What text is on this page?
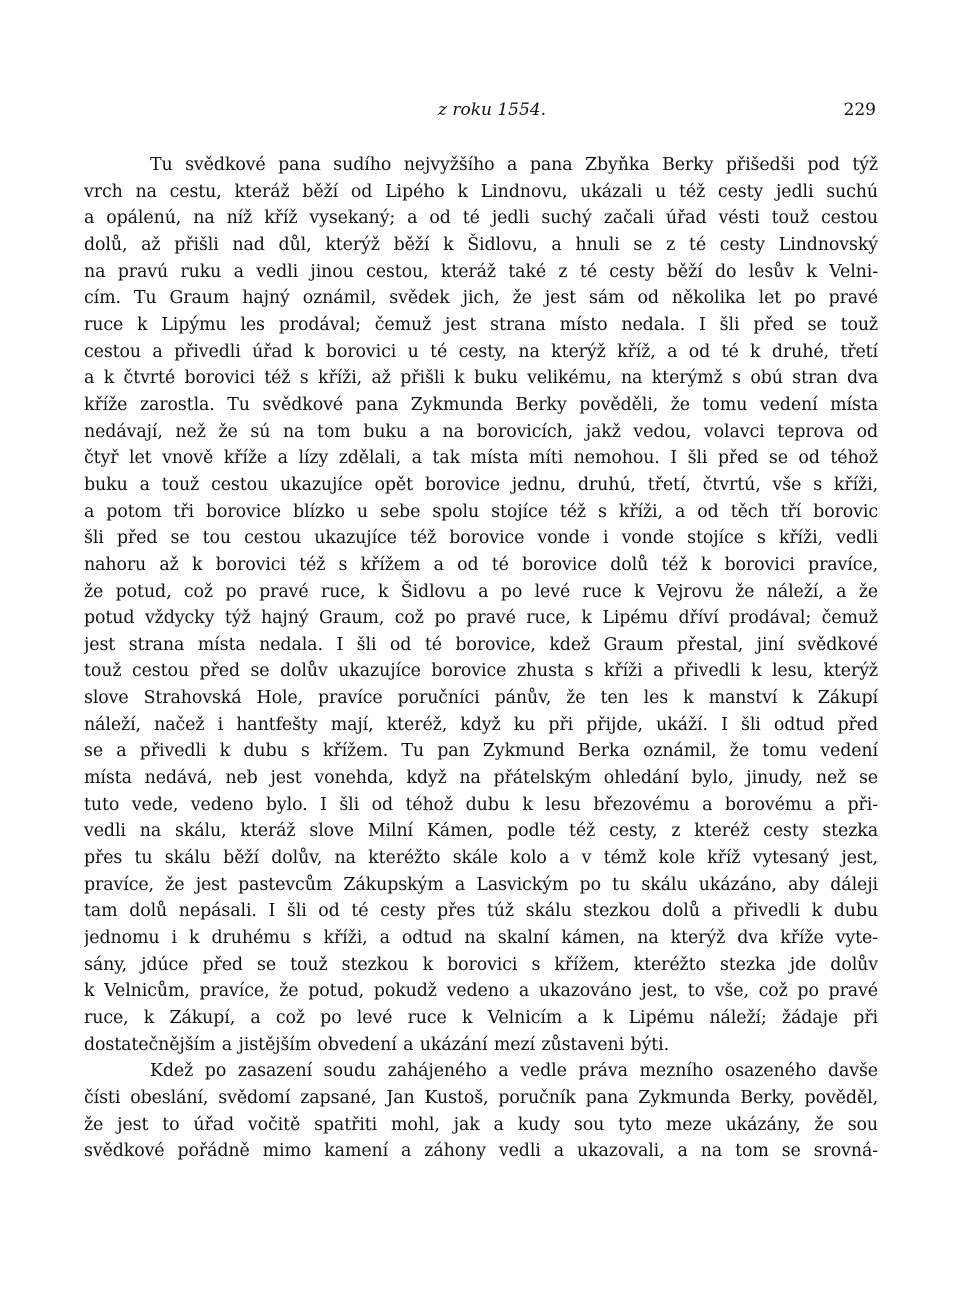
z roku 1554.	229
Tu svědkové pana sudího nejvyžšího a pana Zbyňka Berky přišedši pod týž
vrch na cestu, kteráž běží od Lipého k Lindnovu, ukázali u též cesty jedli suchú
a opálenú, na níž kříž vysekaný; a od té jedli suchý začali úřad vésti touž cestou
dolů, až přišli nad důl, kterýž běží k Šidlovu, a hnuli se z té cesty Lindnovský
na pravú ruku a vedli jinou cestou, kteráž také z té cesty běží do lesův k Velni-
cím. Tu Graum hajný oznámil, svědek jich, že jest sám od několika let po pravé
ruce k Lipýmu les prodával; čemuž jest strana místo nedala. I šli před se touž
cestou a přivedli úřad k borovici u té cesty, na kterýž kříž, a od té k druhé, třetí
a k čtvrté borovici též s kříži, až přišli k buku velikému, na kterýmž s obú stran dva
kříže zarostla. Tu svědkové pana Zykmunda Berky pověděli, že tomu vedení místa
nedávají, než že sú na tom buku a na borovicích, jakž vedou, volavci teprova od
čtyř let vnově kříže a lízy zdělali, a tak místa míti nemohou. I šli před se od téhož
buku a touž cestou ukazujíce opět borovice jednu, druhú, třetí, čtvrtú, vše s kříži,
a potom tři borovice blízko u sebe spolu stojíce též s kříži, a od těch tří borovic
šli před se tou cestou ukazujíce též borovice vonde i vonde stojíce s kříži, vedli
nahoru až k borovici též s křížem a od té borovice dolů též k borovici pravíce,
že potud, což po pravé ruce, k Šidlovu a po levé ruce k Vejrovu že náleží, a že
potud vždycky týž hajný Graum, což po pravé ruce, k Lipému dříví prodával; čemuž
jest strana místa nedala. I šli od té borovice, kdež Graum přestal, jiní svědkové
touž cestou před se dolův ukazujíce borovice zhusta s kříži a přivedli k lesu, kterýž
slove Strahovská Hole, pravíce poručníci pánův, že ten les k manství k Zákupí
náleží, načež i hantfešty mají, kteréž, když ku při přijde, ukáží. I šli odtud před
se a přivedli k dubu s křížem. Tu pan Zykmund Berka oznámil, že tomu vedení
místa nedává, neb jest vonehda, když na přátelským ohledání bylo, jinudy, než se
tuto vede, vedeno bylo. I šli od téhož dubu k lesu březovému a borovému a při-
vedli na skálu, kteráž slove Milní Kámen, podle též cesty, z kteréž cesty stezka
přes tu skálu běží dolův, na kteréžto skále kolo a v témž kole kříž vytesaný jest,
pravíce, že jest pastevcům Zákupským a Lasvickým po tu skálu ukázáno, aby dáleji
tam dolů nepásali. I šli od té cesty přes túž skálu stezkou dolů a přivedli k dubu
jednomu i k druhému s kříži, a odtud na skalní kámen, na kterýž dva kříže vyte-
sány, jdúce před se touž stezkou k borovici s křížem, kteréžto stezka jde dolův
k Velnicům, pravíce, že potud, pokudž vedeno a ukazováno jest, to vše, což po pravé
ruce, k Zákupí, a což po levé ruce k Velnicím a k Lipému náleží; žádaje při
dostatečnějším a jistějším obvedení a ukázání mezí zůstaveni býti.
Kdež po zasazení soudu zahájeného a vedle práva mezního osazeného davše
čísti obeslání, svědomí zapsané, Jan Kustoš, poručník pana Zykmunda Berky, pověděl,
že jest to úřad vočitě spatřiti mohl, jak a kudy sou tyto meze ukázány, že sou
svědkové pořádně mimo kamení a záhony vedli a ukazovali, a na tom se srovná-
